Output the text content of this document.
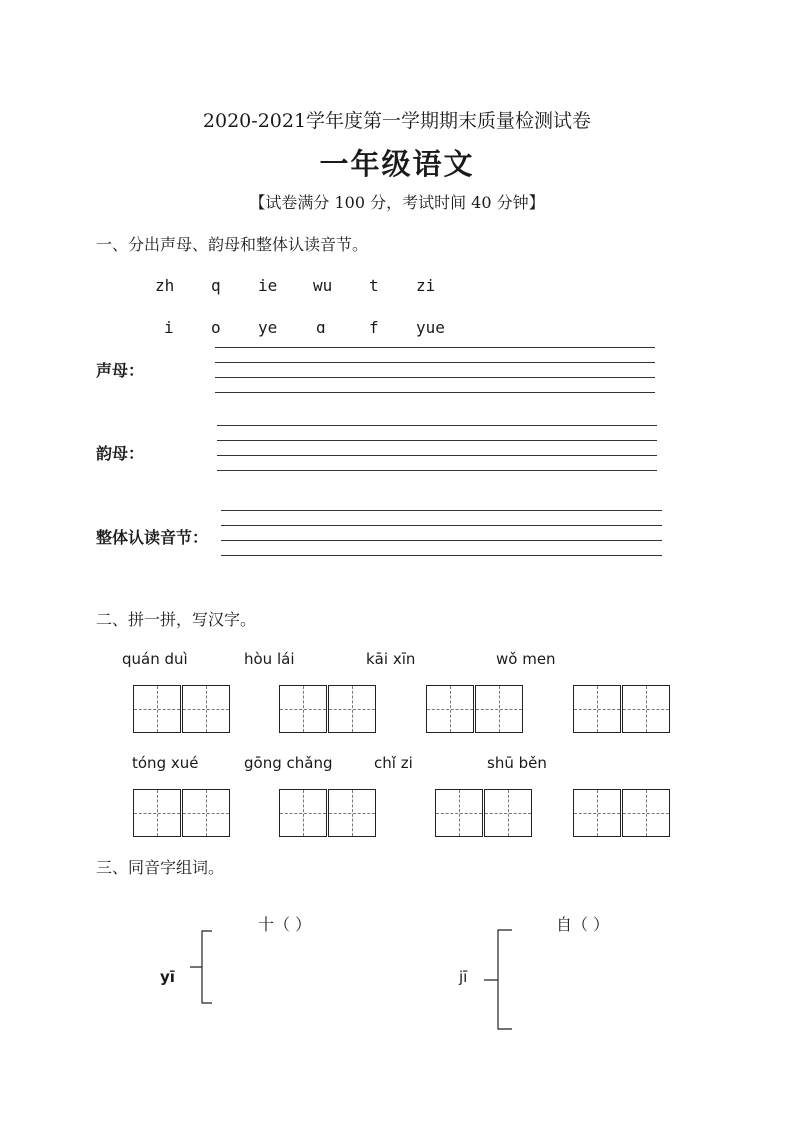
2020-2021学年度第一学期期末质量检测试卷
一年级语文
【试卷满分 100 分，考试时间 40 分钟】
一、分出声母、韵母和整体认读音节。
zh q ie wu t zi
i o ye ɑ	f yue
声母：
韵母：
整体认读音节：
二、拼一拼，写汉字。
quán duì	hòu lái	kāi xīn	wǒ men
tóng xué	gōng chǎng	chǐ zi	shū běn
三、同音字组词。
十（ ）
yī
自（ ）
jī
